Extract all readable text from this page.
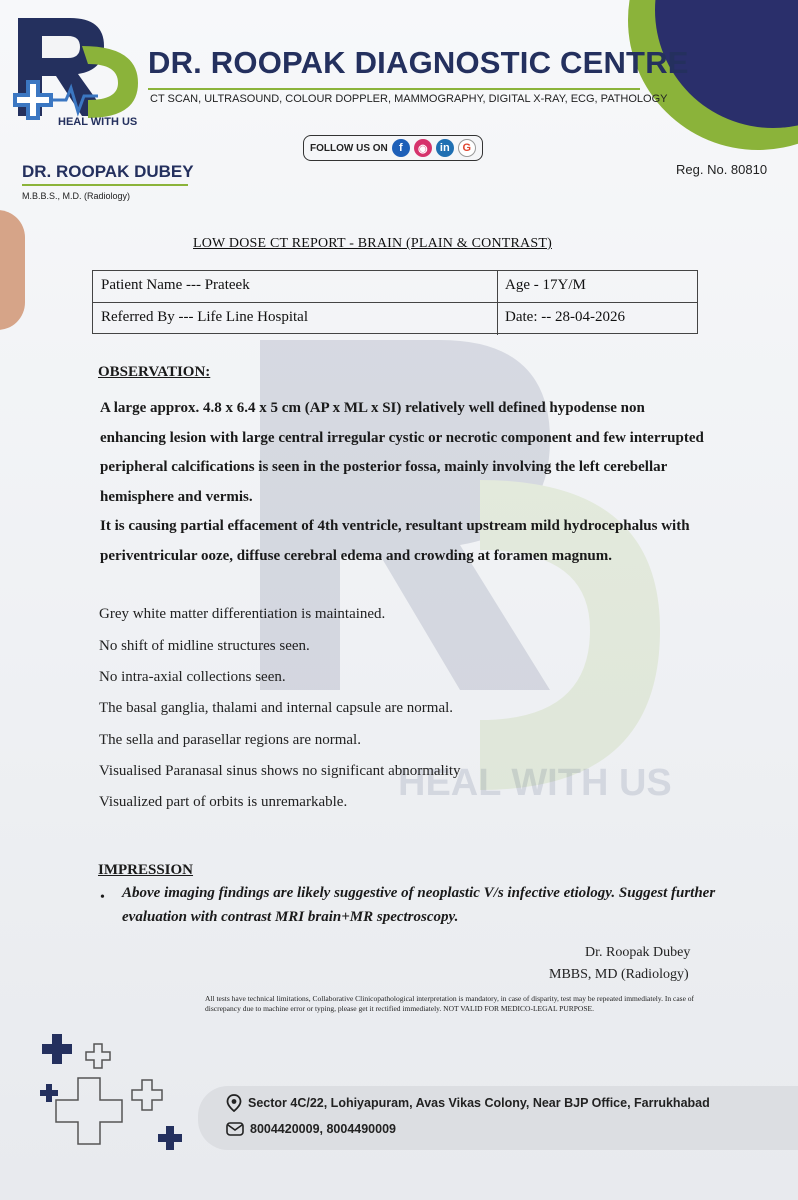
HEAL WITH US
DR. ROOPAK DIAGNOSTIC CENTRE
CT SCAN, ULTRASOUND, COLOUR DOPPLER, MAMMOGRAPHY, DIGITAL X-RAY, ECG, PATHOLOGY
FOLLOW US ON	f	◉	in	G
DR. ROOPAK DUBEY
M.B.B.S., M.D. (Radiology)
Reg. No. 80810
HEAL WITH US
LOW DOSE CT REPORT - BRAIN (PLAIN & CONTRAST)
Patient Name --- Prateek	Age - 17Y/M
Referred By --- Life Line Hospital	Date: -- 28-04-2026
OBSERVATION:
A large approx. 4.8 x 6.4 x 5 cm (AP x ML x SI) relatively well defined hypodense non enhancing lesion with large central irregular cystic or necrotic component and few interrupted peripheral calcifications is seen in the posterior fossa, mainly involving the left cerebellar hemisphere and vermis.
It is causing partial effacement of 4th ventricle, resultant upstream mild hydrocephalus with periventricular ooze, diffuse cerebral edema and crowding at foramen magnum.
Grey white matter differentiation is maintained.
No shift of midline structures seen.
No intra-axial collections seen.
The basal ganglia, thalami and internal capsule are normal.
The sella and parasellar regions are normal.
Visualised Paranasal sinus shows no significant abnormality
Visualized part of orbits is unremarkable.
IMPRESSION
• Above imaging findings are likely suggestive of neoplastic V/s infective etiology. Suggest further evaluation with contrast MRI brain+MR spectroscopy.
Dr. Roopak Dubey
MBBS, MD (Radiology)
All tests have technical limitations, Collaborative Clinicopathological interpretation is mandatory, in case of disparity, test may be repeated immediately. In case of discrepancy due to machine error or typing, please get it rectified immediately. NOT VALID FOR MEDICO-LEGAL PURPOSE.
Sector 4C/22, Lohiyapuram, Avas Vikas Colony, Near BJP Office, Farrukhabad
8004420009, 8004490009
